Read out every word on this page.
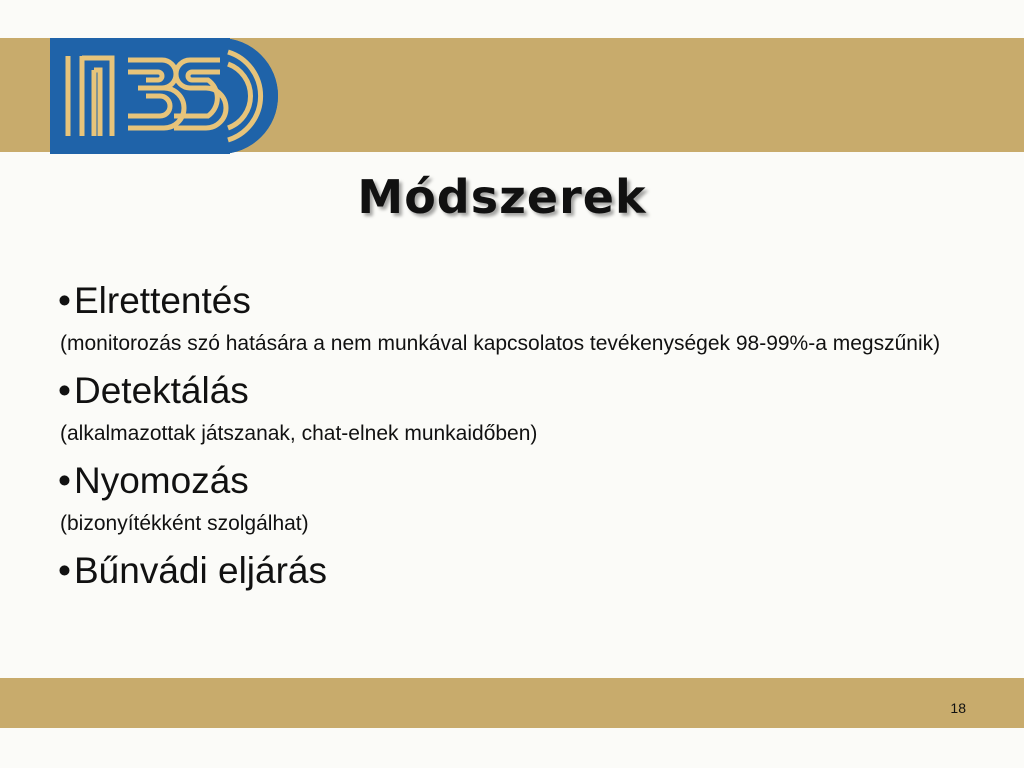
Módszerek

•Elrettentés

(monitorozás szó hatására a nem munkával kapcsolatos tevékenységek 98-99%-a megszűnik)

•Detektálás

(alkalmazottak játszanak, chat-elnek munkaidőben)

•Nyomozás

(bizonyítékként szolgálhat)

•Bűnvádi eljárás

18
